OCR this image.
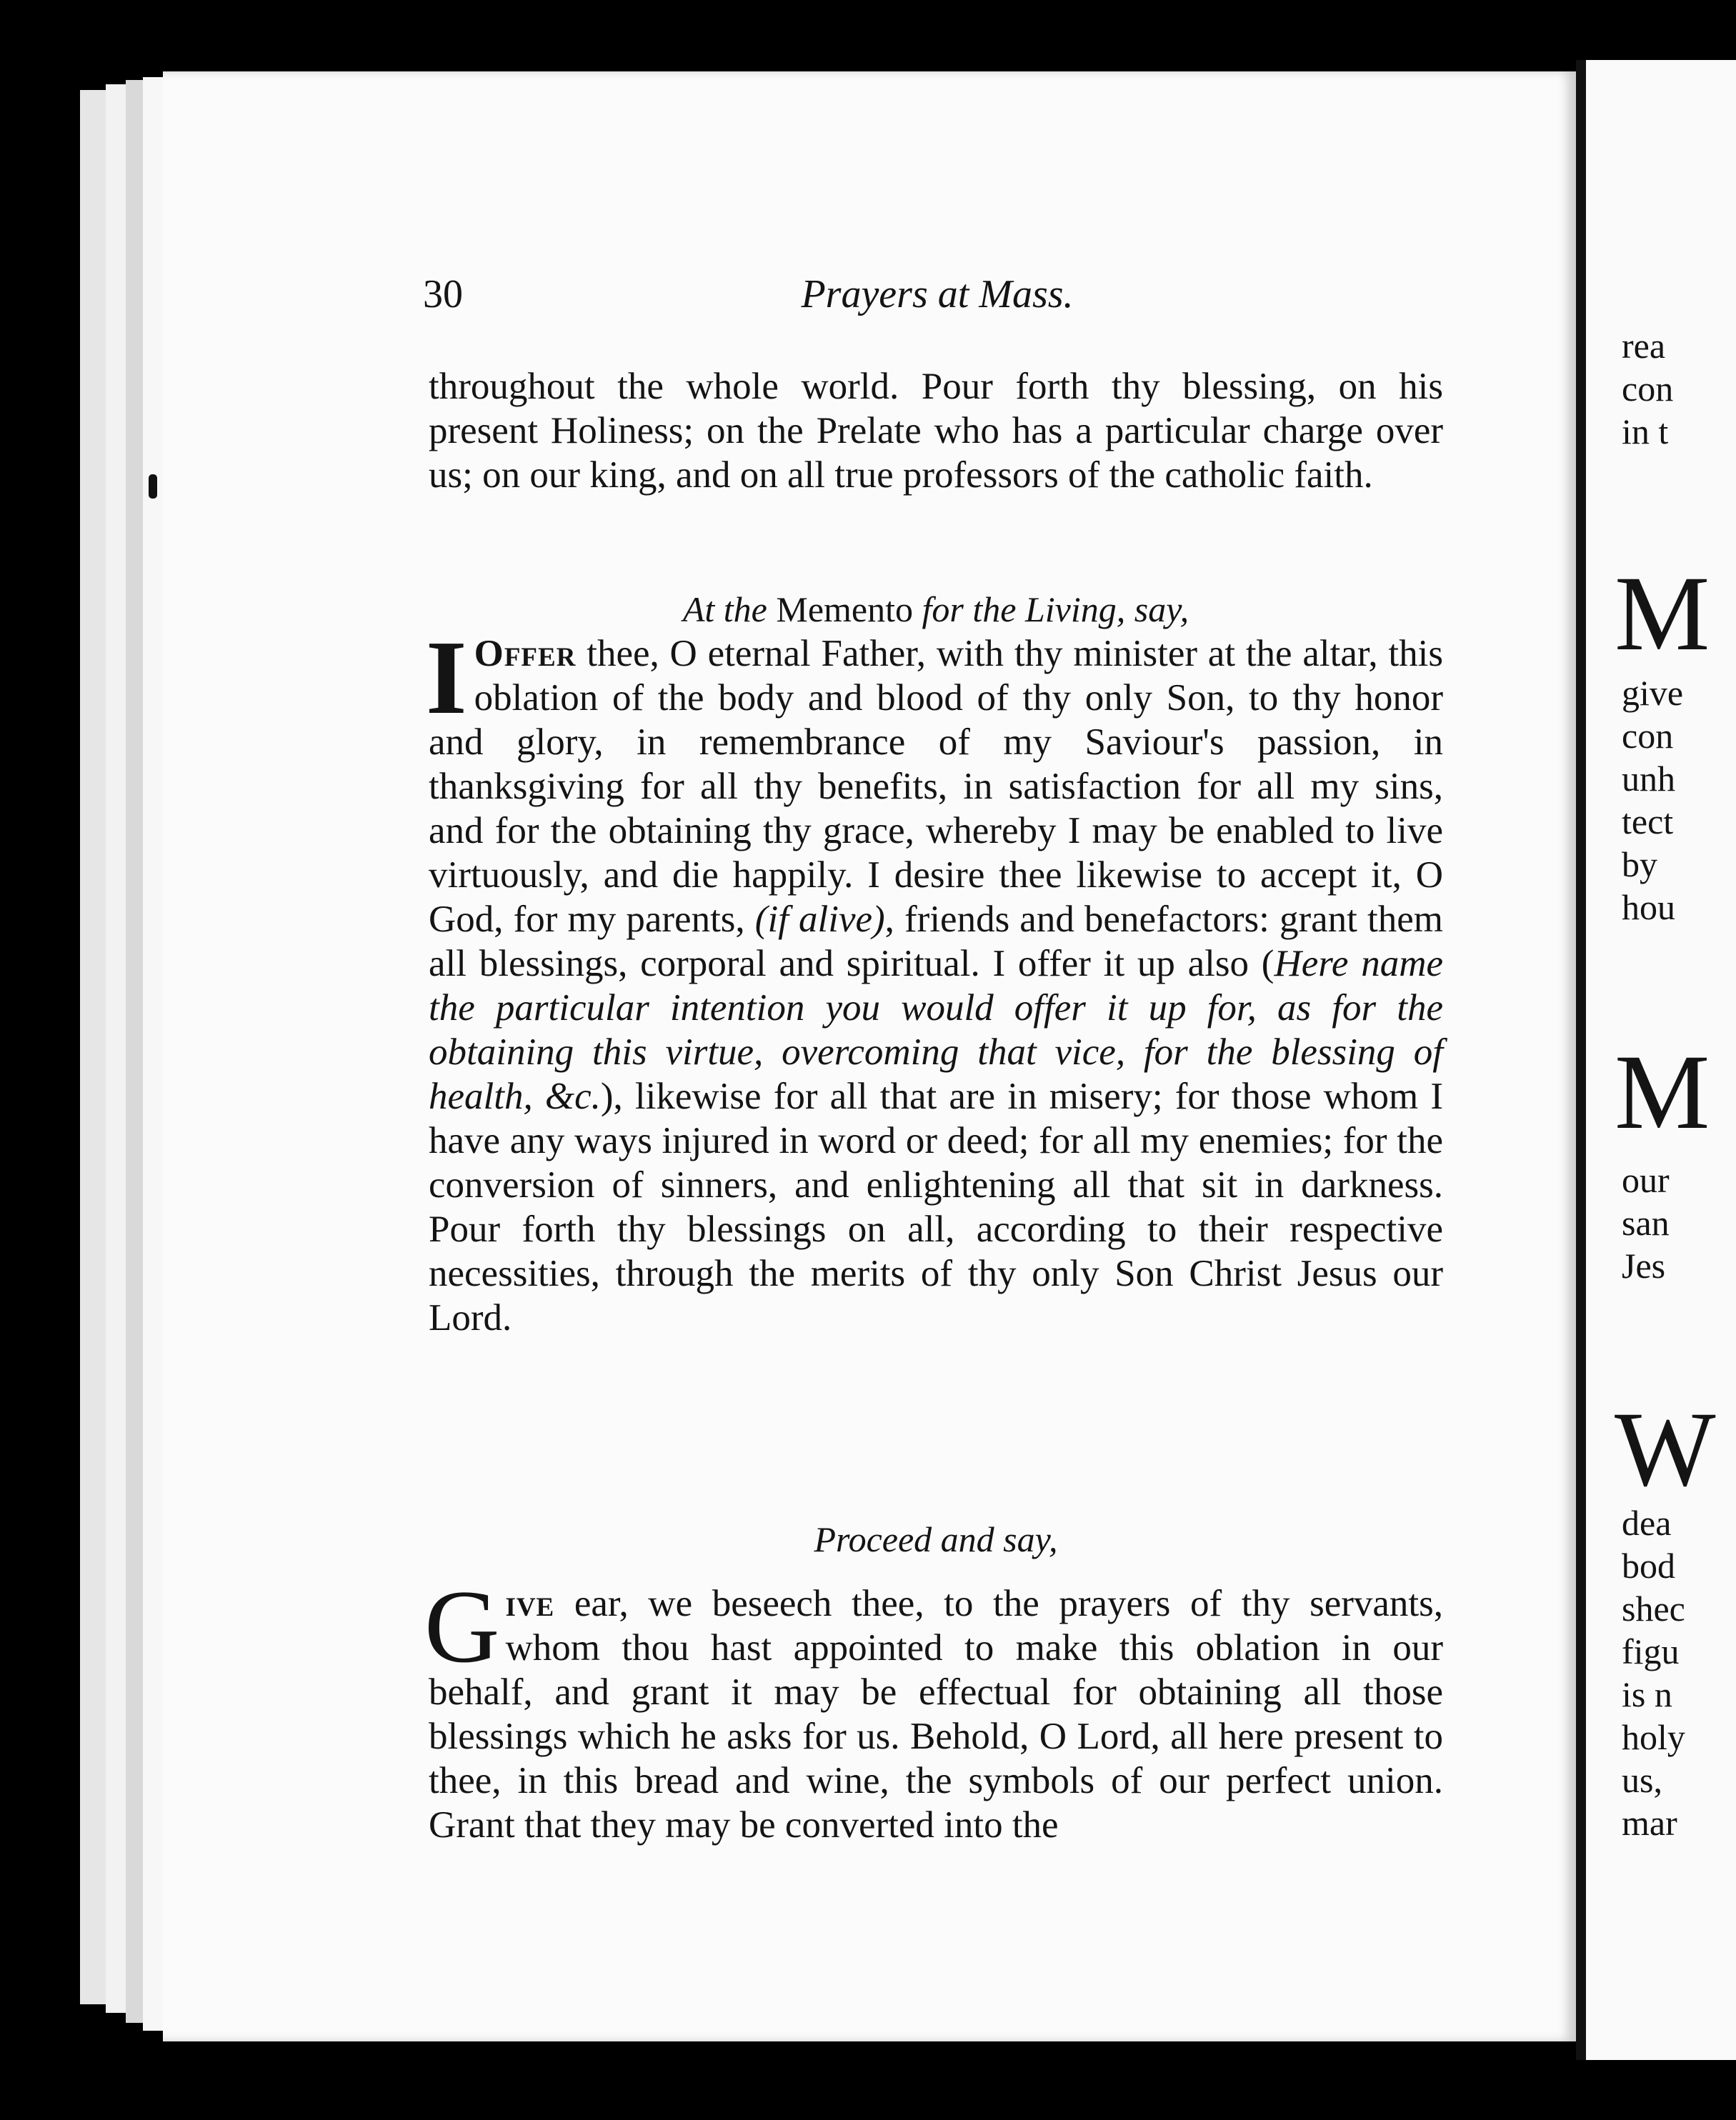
30	Prayers at Mass.

throughout the whole world. Pour forth thy blessing, on his present Holiness; on the Prelate who has a particular charge over us; on our king, and on all true professors of the catholic faith.

At the Memento for the Living, say,

I Offer thee, O eternal Father, with thy minister at the altar, this oblation of the body and blood of thy only Son, to thy honor and glory, in remembrance of my Saviour's passion, in thanksgiving for all thy benefits, in satisfaction for all my sins, and for the obtaining thy grace, whereby I may be enabled to live virtuously, and die happily. I desire thee likewise to accept it, O God, for my parents, (if alive), friends and benefactors: grant them all blessings, corporal and spiritual. I offer it up also (Here name the particular intention you would offer it up for, as for the obtaining this virtue, overcoming that vice, for the blessing of health, &c.), likewise for all that are in misery; for those whom I have any ways injured in word or deed; for all my enemies; for the conversion of sinners, and enlightening all that sit in darkness. Pour forth thy blessings on all, according to their respective necessities, through the merits of thy only Son Christ Jesus our Lord.

Proceed and say,

Give ear, we beseech thee, to the prayers of thy servants, whom thou hast appointed to make this oblation in our behalf, and grant it may be effectual for obtaining all those blessings which he asks for us. Behold, O Lord, all here present to thee, in this bread and wine, the symbols of our perfect union. Grant that they may be converted into the

rea
con
in t
M
give
con
unh
tect
by
hou
M
our
san
Jes
W
dea
bod
shec
figu
is n
holy
us,
mar
